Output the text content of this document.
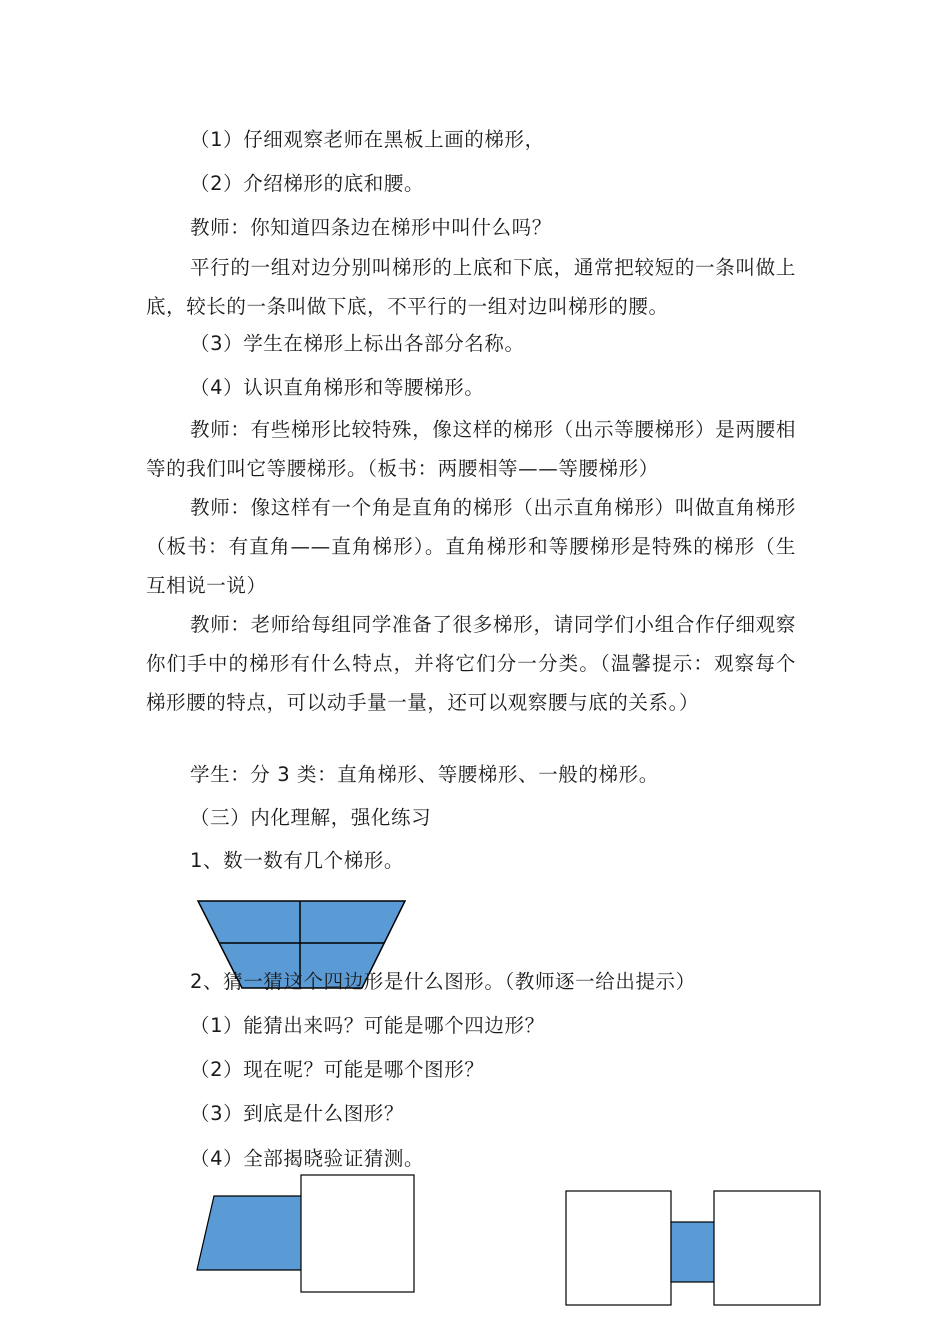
（1）仔细观察老师在黑板上画的梯形，
（2）介绍梯形的底和腰。
教师：你知道四条边在梯形中叫什么吗？
平行的一组对边分别叫梯形的上底和下底，通常把较短的一条叫做上底，较长的一条叫做下底，不平行的一组对边叫梯形的腰。
（3）学生在梯形上标出各部分名称。
（4）认识直角梯形和等腰梯形。
教师：有些梯形比较特殊，像这样的梯形（出示等腰梯形）是两腰相等的我们叫它等腰梯形。（板书：两腰相等——等腰梯形）
教师：像这样有一个角是直角的梯形（出示直角梯形）叫做直角梯形（板书：有直角——直角梯形）。直角梯形和等腰梯形是特殊的梯形（生互相说一说）
教师：老师给每组同学准备了很多梯形，请同学们小组合作仔细观察你们手中的梯形有什么特点，并将它们分一分类。（温馨提示：观察每个梯形腰的特点，可以动手量一量，还可以观察腰与底的关系。）
学生：分 3 类：直角梯形、等腰梯形、一般的梯形。
（三）内化理解，强化练习
1、数一数有几个梯形。
2、猜一猜这个四边形是什么图形。（教师逐一给出提示）
（1）能猜出来吗？可能是哪个四边形？
（2）现在呢？可能是哪个图形？
（3）到底是什么图形？
（4）全部揭晓验证猜测。
